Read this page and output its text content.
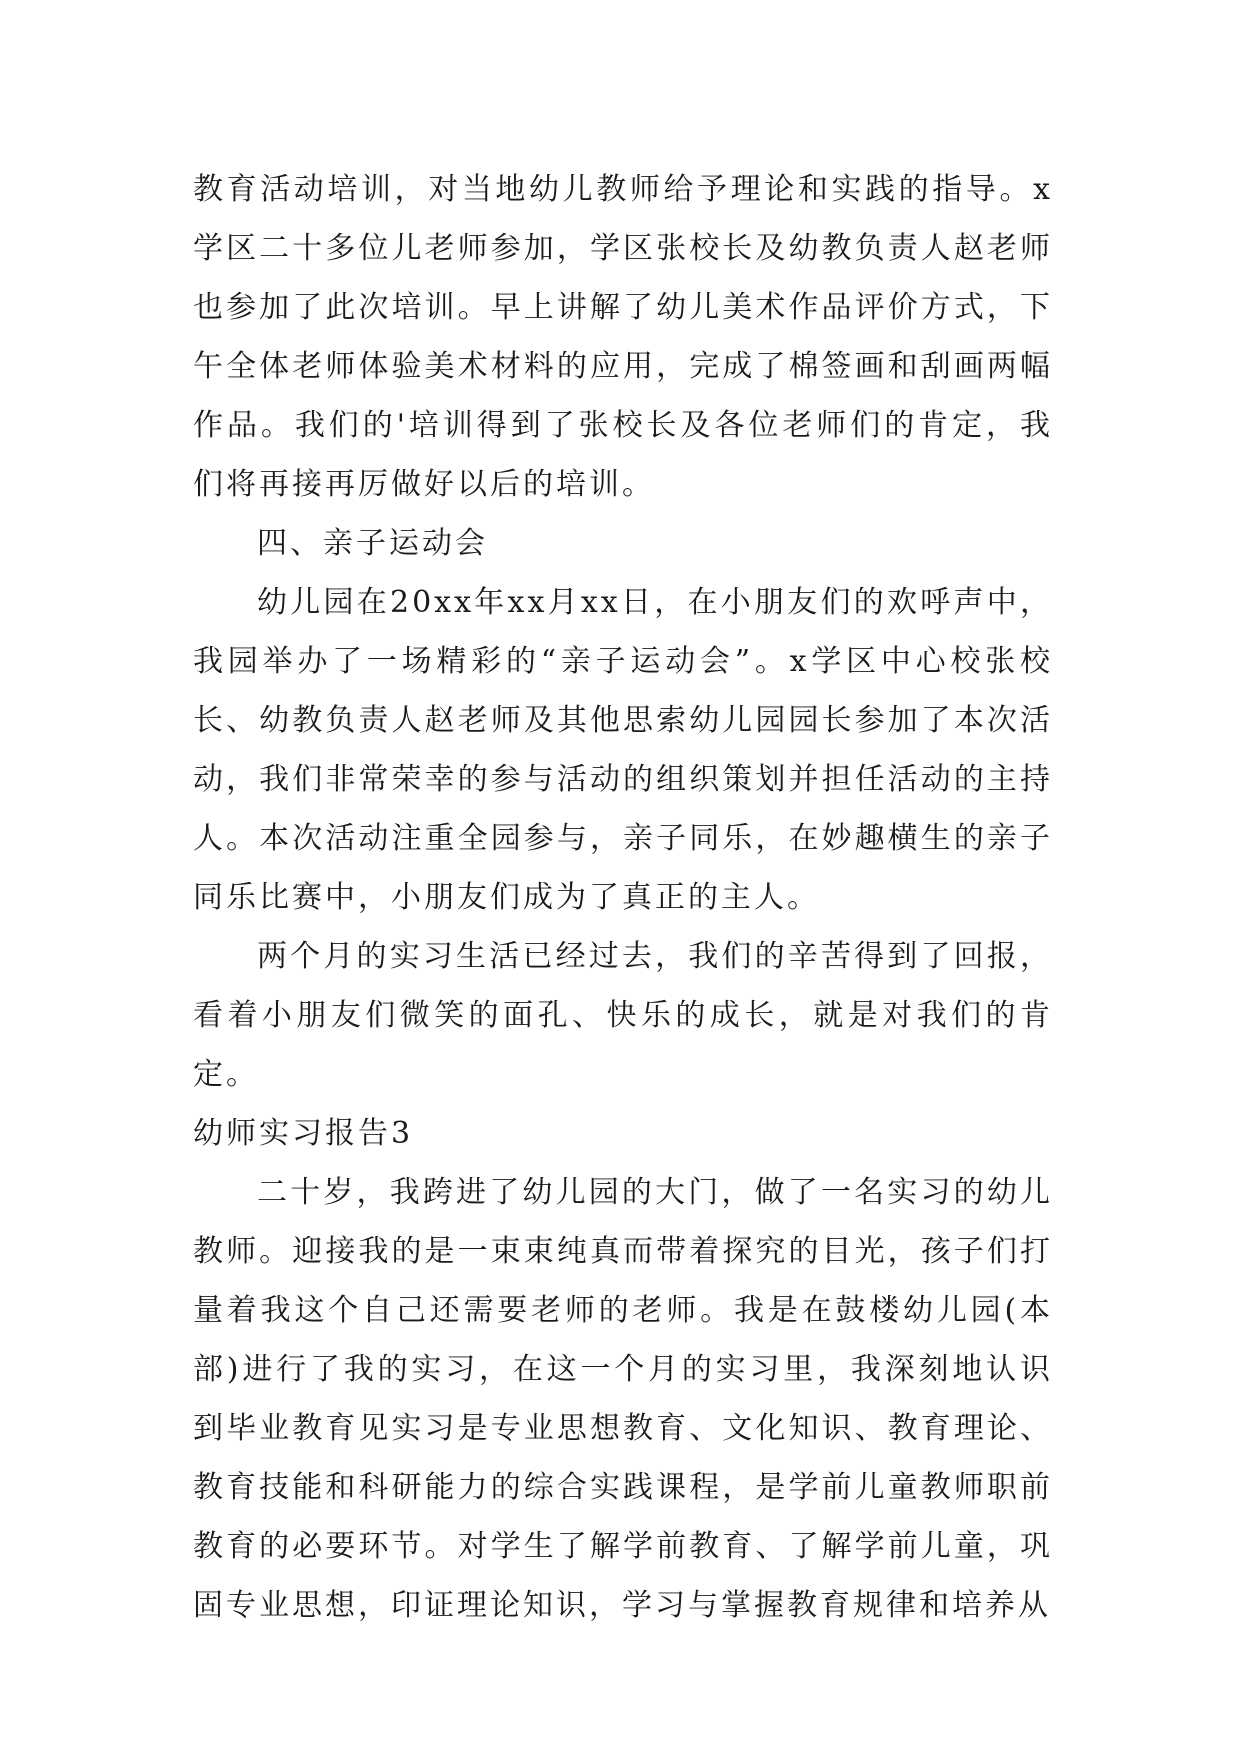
教育活动培训，对当地幼儿教师给予理论和实践的指导。x学区二十多位儿老师参加，学区张校长及幼教负责人赵老师也参加了此次培训。早上讲解了幼儿美术作品评价方式，下午全体老师体验美术材料的应用，完成了棉签画和刮画两幅作品。我们的'培训得到了张校长及各位老师们的肯定，我们将再接再厉做好以后的培训。

四、亲子运动会

幼儿园在20xx年xx月xx日，在小朋友们的欢呼声中，我园举办了一场精彩的“亲子运动会”。x学区中心校张校长、幼教负责人赵老师及其他思索幼儿园园长参加了本次活动，我们非常荣幸的参与活动的组织策划并担任活动的主持人。本次活动注重全园参与，亲子同乐，在妙趣横生的亲子同乐比赛中，小朋友们成为了真正的主人。

两个月的实习生活已经过去，我们的辛苦得到了回报，看着小朋友们微笑的面孔、快乐的成长，就是对我们的肯定。

幼师实习报告3

二十岁，我跨进了幼儿园的大门，做了一名实习的幼儿教师。迎接我的是一束束纯真而带着探究的目光，孩子们打量着我这个自己还需要老师的老师。我是在鼓楼幼儿园(本部)进行了我的实习，在这一个月的实习里，我深刻地认识到毕业教育见实习是专业思想教育、文化知识、教育理论、教育技能和科研能力的综合实践课程，是学前儿童教师职前教育的必要环节。对学生了解学前教育、了解学前儿童，巩固专业思想，印证理论知识，学习与掌握教育规律和培养从
